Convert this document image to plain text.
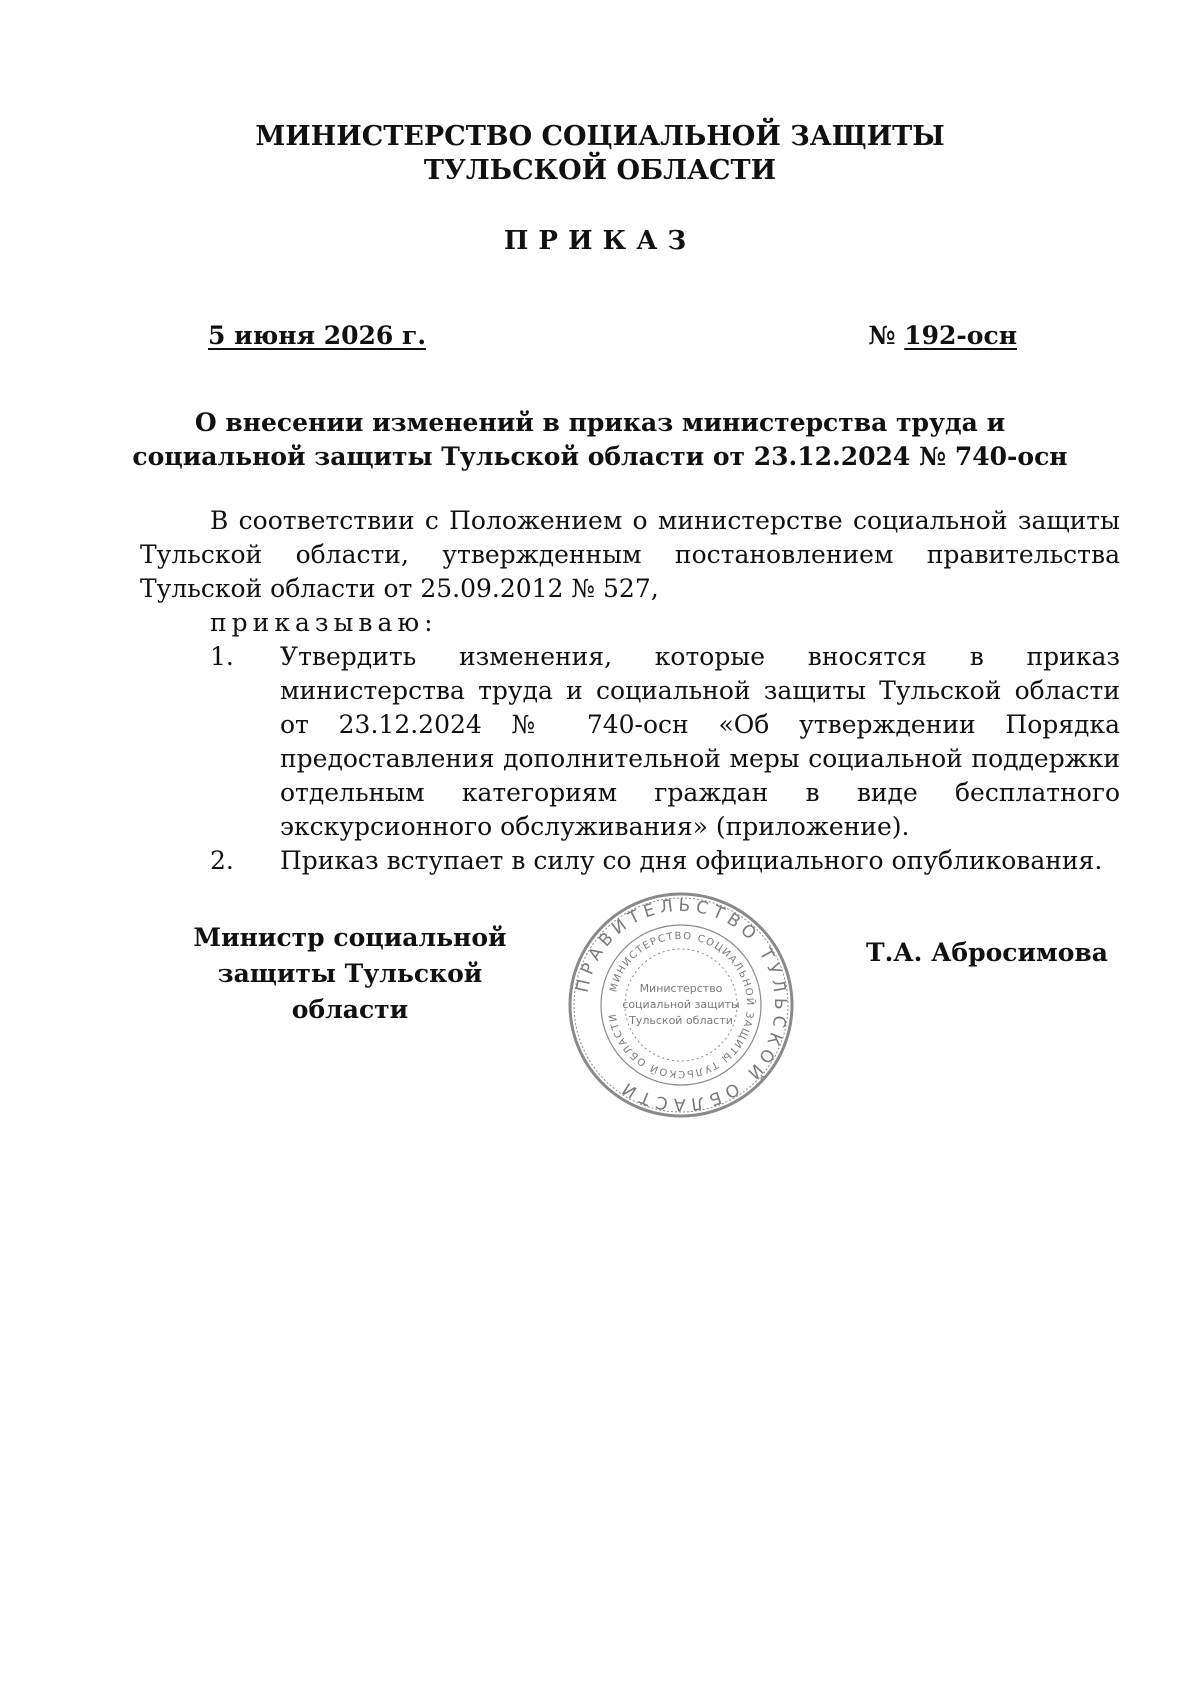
МИНИСТЕРСТВО СОЦИАЛЬНОЙ ЗАЩИТЫ

ТУЛЬСКОЙ ОБЛАСТИ

ПРИКАЗ

5 июня 2026 г.	№ 192-осн

О внесении изменений в приказ министерства труда и

социальной защиты Тульской области от 23.12.2024 № 740-осн

В соответствии с Положением о министерстве социальной защиты Тульской области, утвержденным постановлением правительства Тульской области от 25.09.2012 № 527,

приказываю:

1.	Утвердить изменения, которые вносятся в приказ министерства труда и социальной защиты Тульской области от 23.12.2024 № 740-осн «Об утверждении Порядка предоставления дополнительной меры социальной поддержки отдельным категориям граждан в виде бесплатного экскурсионного обслуживания» (приложение).

2.	Приказ вступает в силу со дня официального опубликования.

Министр социальной
защиты Тульской области
ПРАВИТЕЛЬСТВО ТУЛЬСКОЙ ОБЛАСТИ
МИНИСТЕРСТВО СОЦИАЛЬНОЙ ЗАЩИТЫ ТУЛЬСКОЙ ОБЛАСТИ
Министерство
социальной защиты
Тульской области

Т.А. Абросимова
